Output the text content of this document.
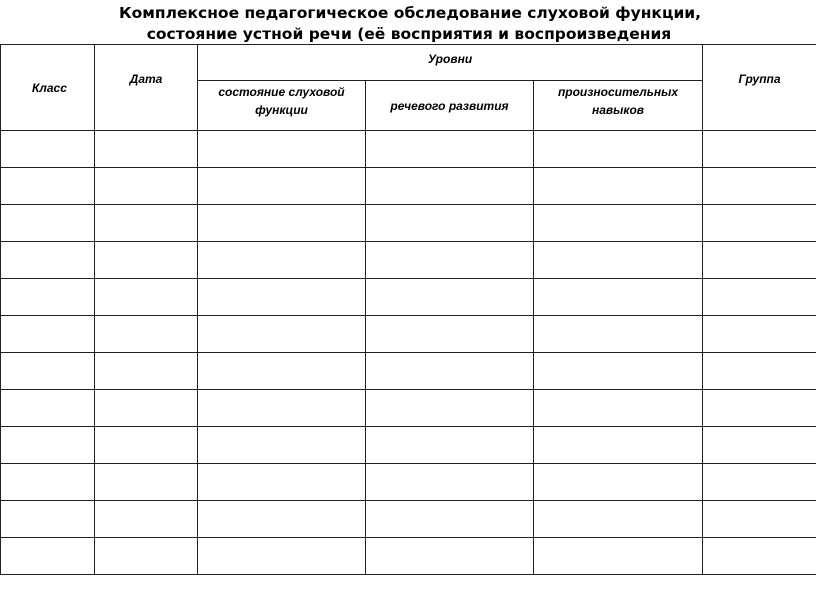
Комплексное педагогическое обследование слуховой функции,
состояние устной речи (её восприятия и воспроизведения
Класс	Дата	Уровни			Группа
		состояние слуховой функции	речевого развития	произносительных навыков	
